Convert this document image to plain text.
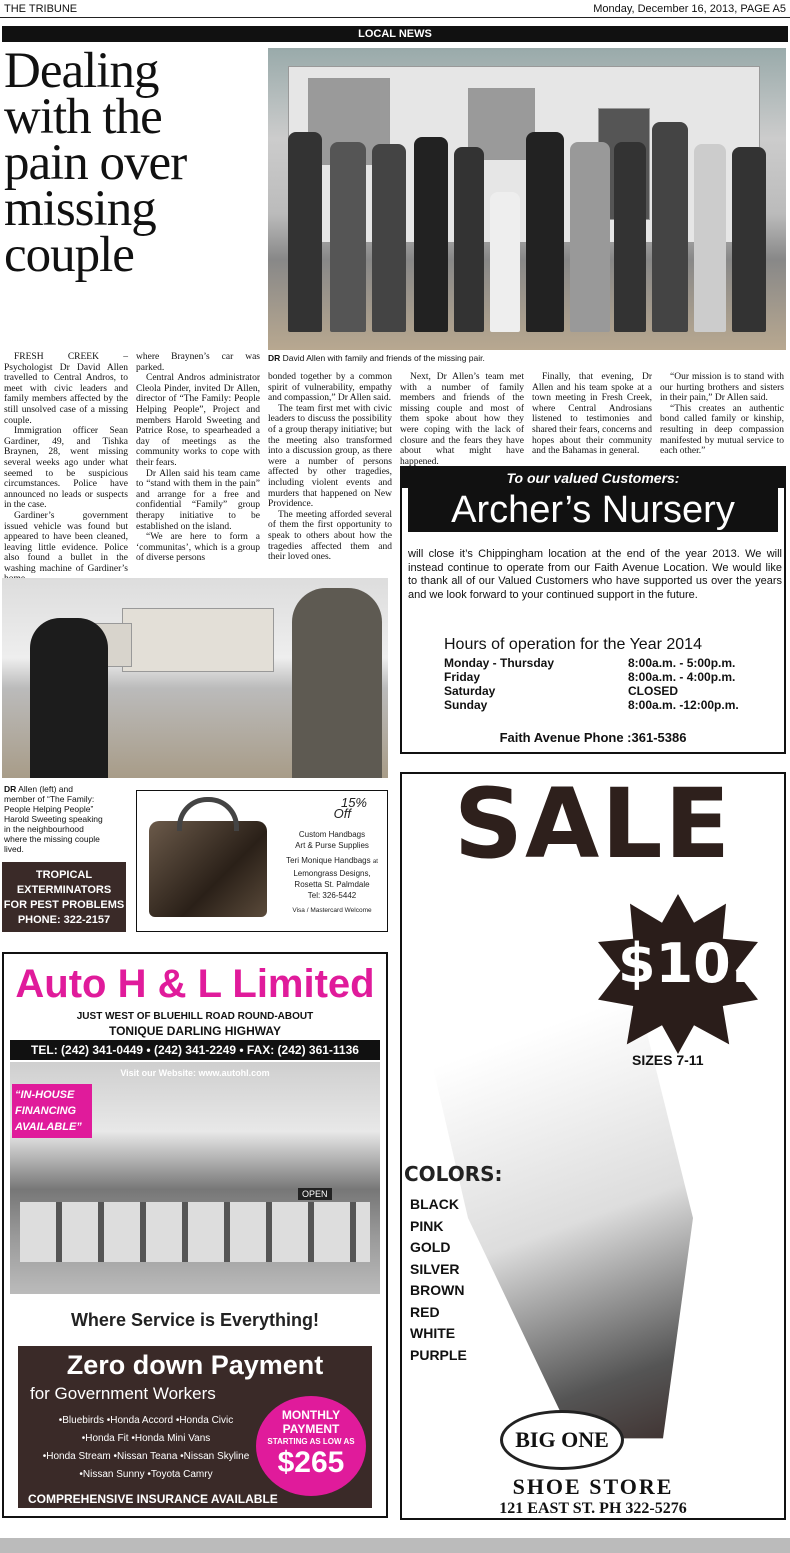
THE TRIBUNE	Monday, December 16, 2013, PAGE A5
LOCAL NEWS
Dealing
with the
pain over
missing
couple
DR David Allen with family and friends of the missing pair.

FRESH CREEK – Psychologist Dr David Allen travelled to Central Andros, to meet with civic leaders and family members affected by the still unsolved case of a missing couple.

Immigration officer Sean Gardiner, 49, and Tishka Braynen, 28, went missing several weeks ago under what seemed to be suspicious circumstances. Police have announced no leads or suspects in the case.

Gardiner’s government issued vehicle was found but appeared to have been cleaned, leaving little evidence. Police also found a bullet in the washing machine of Gardiner’s

where Braynen’s car was parked.

Central Andros administrator Cleola Pinder, invited Dr Allen, director of “The Family: People Helping People”, Project and members Harold Sweeting and Patrice Rose, to spearheaded a day of meetings as the community works to cope with their fears.

Dr Allen said his team came to “stand with them in the pain” and arrange for a free and confidential “Family” group therapy initiative to be established on the island.

“We are here to form a ‘communitas’, which is a group of diverse persons

bonded together by a common spirit of vulnerability, empathy and compassion,” Dr Allen said.

The team first met with civic leaders to discuss the possibility of a group therapy initiative; but the meeting also transformed into a discussion group, as there were a number of persons affected by other tragedies, including violent events and murders that happened on New Providence.

The meeting afforded several of them the first opportunity to speak to others about how the tragedies affected them and their loved ones.

Next, Dr Allen’s team met with a number of family members and friends of the missing couple and most of them spoke about how they were coping with the lack of closure and the fears they have about what might have happened.

Finally, that evening, Dr Allen and his team spoke at a town meeting in Fresh Creek, where Central Androsians listened to testimonies and shared their fears, concerns and hopes about their community and the Bahamas in general.

“Our mission is to stand with our hurting brothers and sisters in their pain,” Dr Allen said.

“This creates an authentic bond called family or kinship, resulting in deep compassion manifested by mutual service to each other.”

DR Allen (left) and member of “The Family: People Helping People” Harold Sweeting speaking in the neighbourhood where the missing couple lived.
TROPICAL
EXTERMINATORS
FOR PEST PROBLEMS
PHONE: 322-2157
15%
Off
Custom Handbags
Art & Purse Supplies
Teri Monique Handbags at
Lemongrass Designs,
Rosetta St. Palmdale
Tel: 326-5442
Visa / Mastercard Welcome
To our valued Customers:
Archer’s Nursery
will close it’s Chippingham location at the end of the year 2013. We will instead continue to operate from our Faith Avenue Location. We would like to thank all of our Valued Customers who have supported us over the years and we look forward to your continued support in the future.
Hours of operation for the Year 2014
Monday - Thursday	8:00a.m. - 5:00p.m.
Friday	8:00a.m. - 4:00p.m.
Saturday	CLOSED
Sunday	8:00a.m. -12:00p.m.
Faith Avenue Phone :361-5386
Auto H & L Limited
JUST WEST OF BLUEHILL ROAD ROUND-ABOUT
TONIQUE DARLING HIGHWAY
TEL: (242) 341-0449 • (242) 341-2249 • FAX: (242) 361-1136
Visit our Website: www.autohl.com
“IN-HOUSE FINANCING AVAILABLE”
OPEN
Where Service is Everything!
Zero down Payment
for Government Workers
•Bluebirds •Honda Accord •Honda Civic
•Honda Fit •Honda Mini Vans
•Honda Stream •Nissan Teana •Nissan Skyline
•Nissan Sunny •Toyota Camry
COMPREHENSIVE INSURANCE AVAILABLE
MONTHLY
PAYMENT
STARTING AS LOW AS
$265
SALE
$10.00
SIZES 7-11
COLORS:
BLACK
PINK
GOLD
SILVER
BROWN
RED
WHITE
PURPLE
BIG ONE
SHOE STORE
121 EAST ST. PH 322-5276
